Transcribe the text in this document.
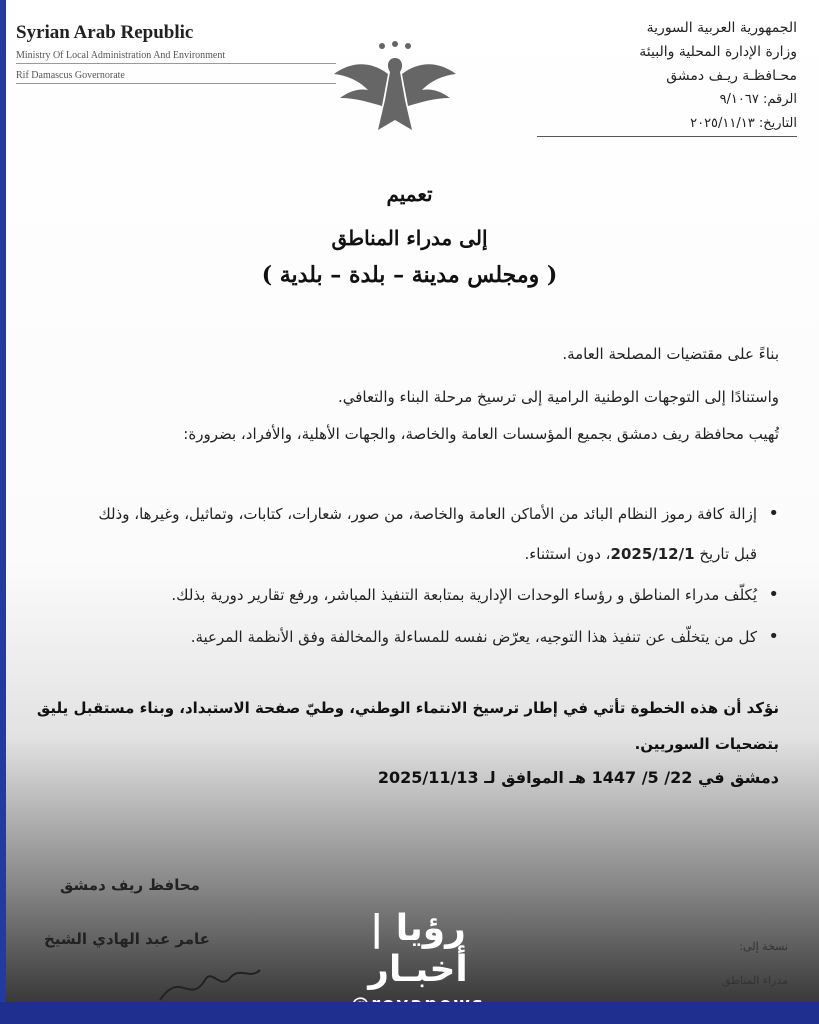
Syrian Arab Republic
Ministry Of Local Administration And Environment
Rif Damascus Governorate
الجمهورية العربية السورية
وزارة الإدارة المحلية والبيئة
محـافظـة ريـف دمشق
الرقم: ٩/١٠٦٧
التاريخ: ٢٠٢٥/١١/١٣
تعميم
إلى مدراء المناطق
( ومجلس مدينة – بلدة – بلدية )
بناءً على مقتضيات المصلحة العامة.
واستنادًا إلى التوجهات الوطنية الرامية إلى ترسيخ مرحلة البناء والتعافي.
تُهيب محافظة ريف دمشق بجميع المؤسسات العامة والخاصة، والجهات الأهلية، والأفراد، بضرورة:
• إزالة كافة رموز النظام البائد من الأماكن العامة والخاصة، من صور، شعارات، كتابات، وتماثيل، وغيرها، وذلك
قبل تاريخ 2025/12/1، دون استثناء.
• يُكلّف مدراء المناطق و رؤساء الوحدات الإدارية بمتابعة التنفيذ المباشر، ورفع تقارير دورية بذلك.
• كل من يتخلّف عن تنفيذ هذا التوجيه، يعرّض نفسه للمساءلة والمخالفة وفق الأنظمة المرعية.
نؤكد أن هذه الخطوة تأتي في إطار ترسيخ الانتماء الوطني، وطيّ صفحة الاستبداد، وبناء مستقبل يليق بتضحيات السوريين.
دمشق في 22/ 5/ 1447 هـ الموافق لـ 2025/11/13
محافظ ريف دمشق
عامر عبد الهادي الشيخ	نسخة إلى:
مدراء المناطق
رؤيا | أخبـار
